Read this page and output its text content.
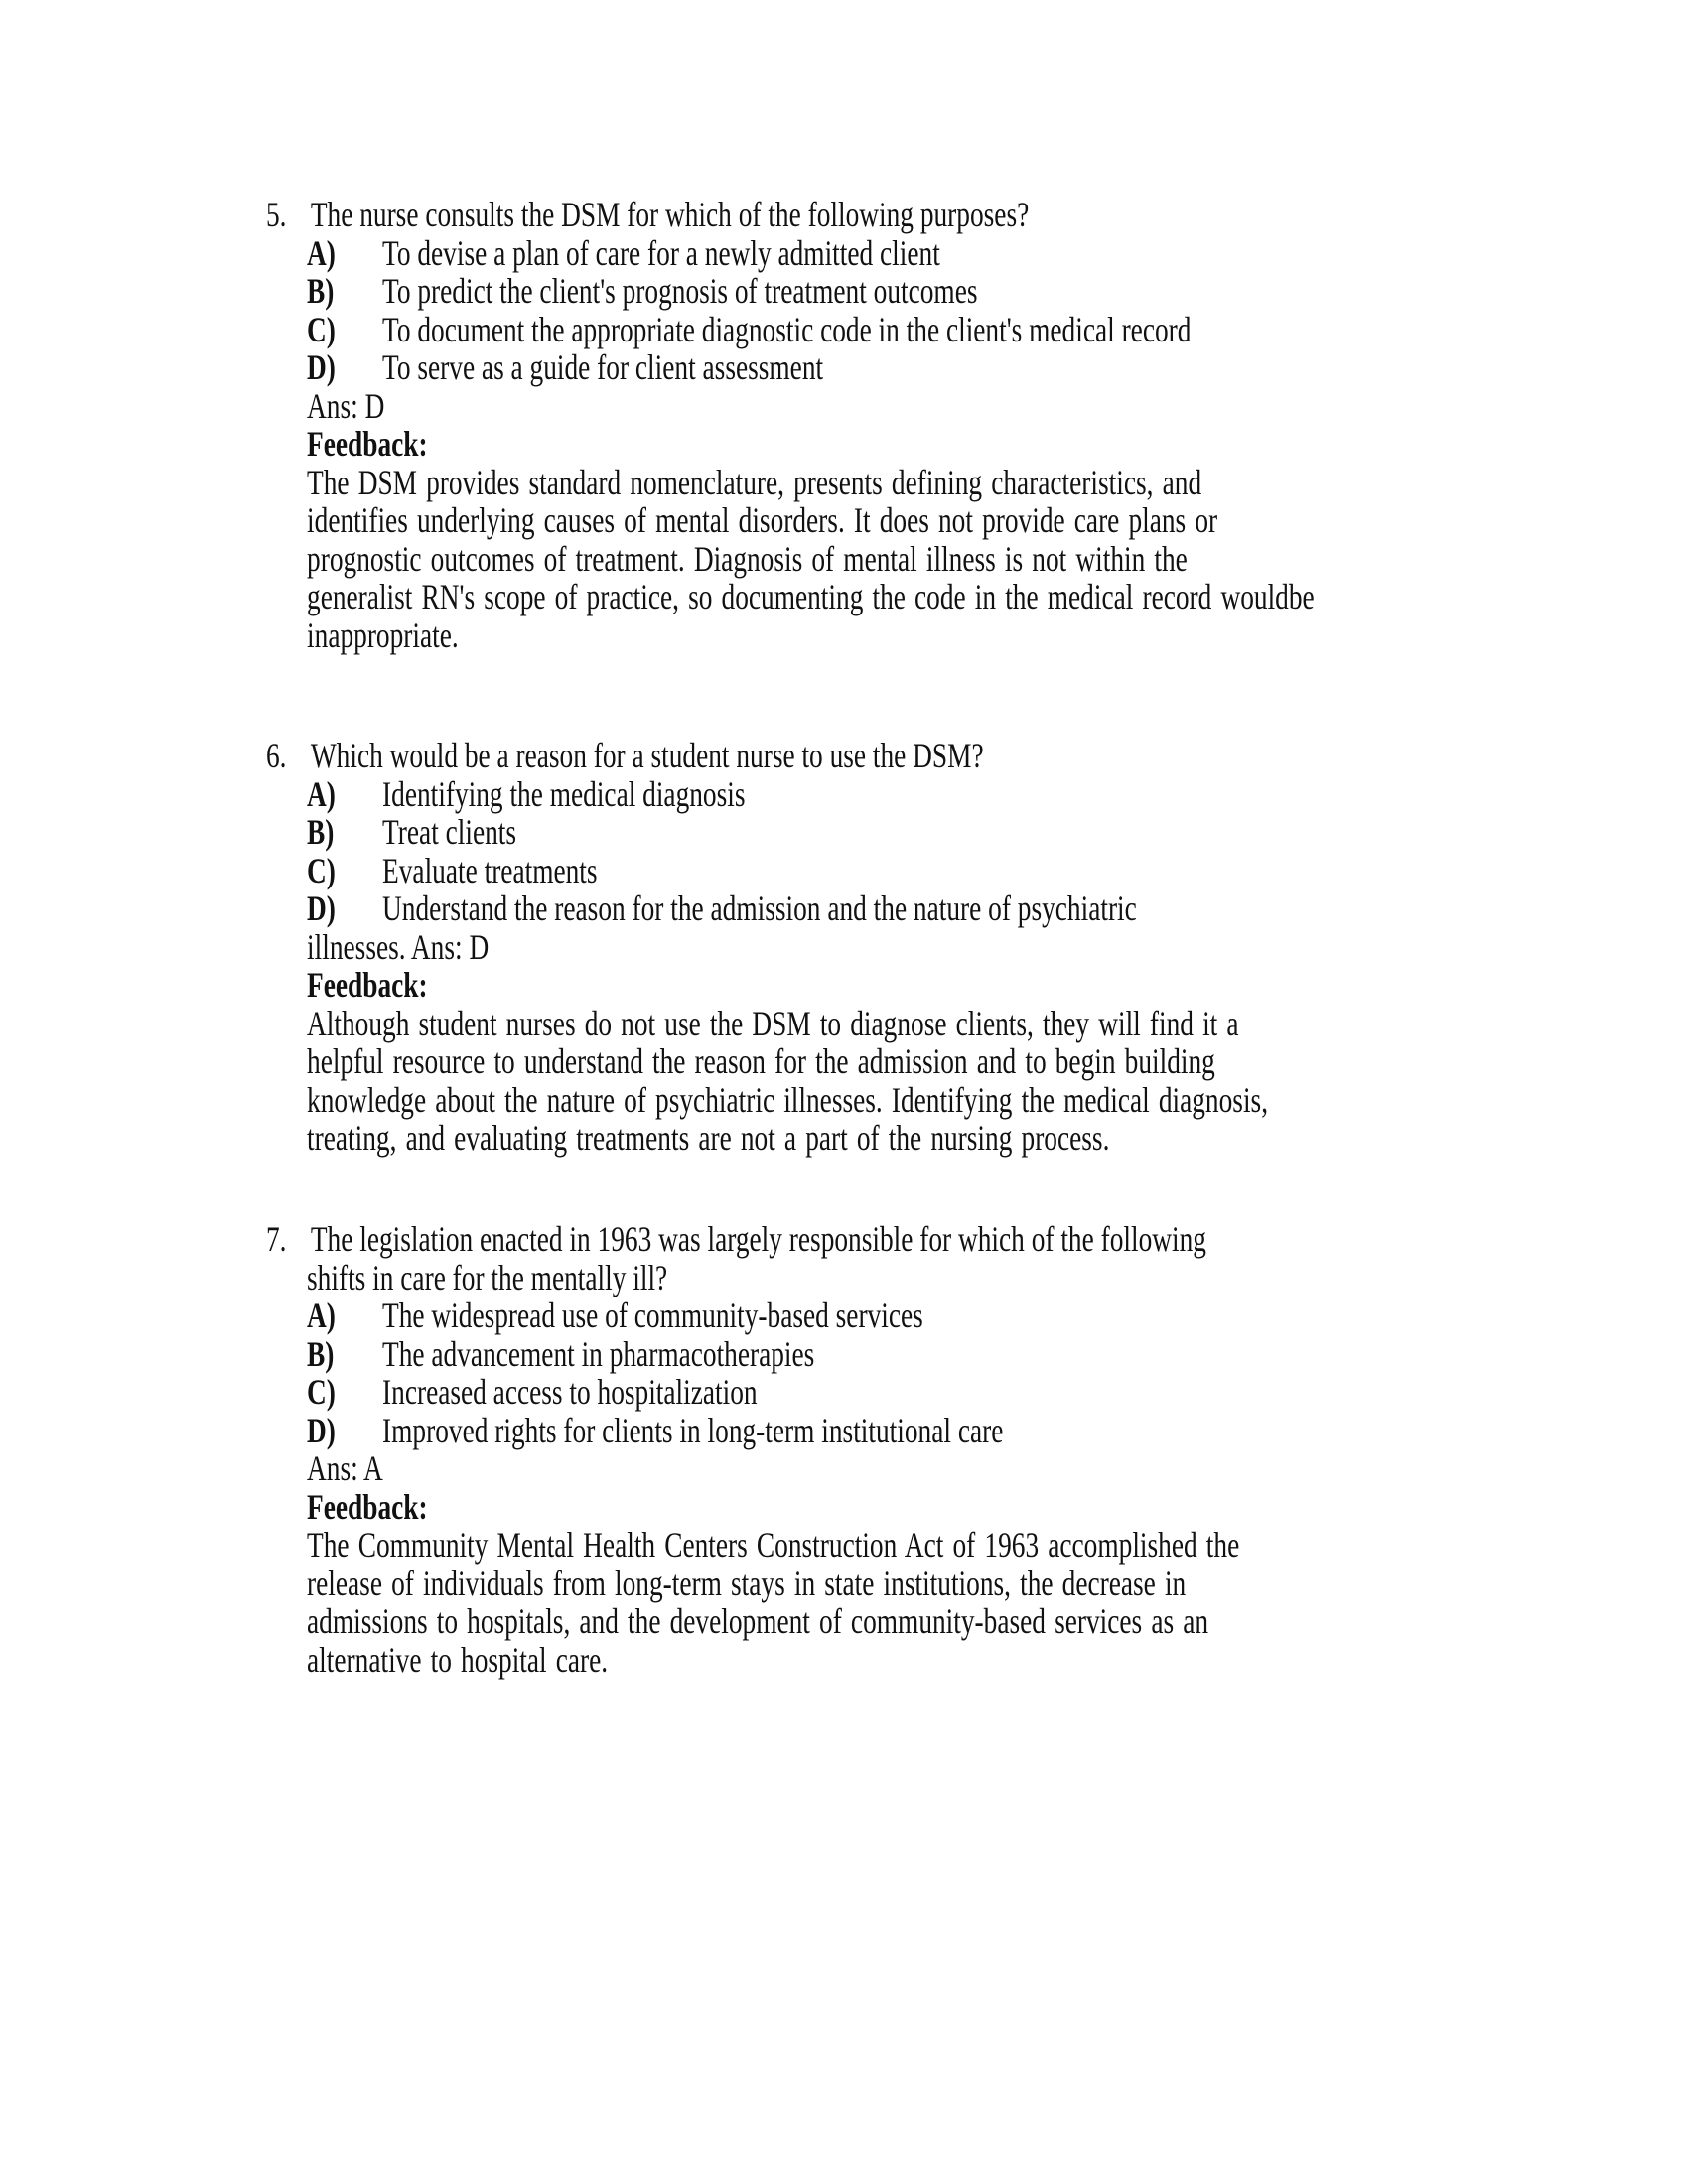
5. The nurse consults the DSM for which of the following purposes?
A) To devise a plan of care for a newly admitted client
B) To predict the client's prognosis of treatment outcomes
C) To document the appropriate diagnostic code in the client's medical record
D) To serve as a guide for client assessment
Ans: D
Feedback:
The DSM provides standard nomenclature, presents defining characteristics, and
identifies underlying causes of mental disorders. It does not provide care plans or
prognostic outcomes of treatment. Diagnosis of mental illness is not within the
generalist RN's scope of practice, so documenting the code in the medical record wouldbe
inappropriate.
6. Which would be a reason for a student nurse to use the DSM?
A) Identifying the medical diagnosis
B) Treat clients
C) Evaluate treatments
D) Understand the reason for the admission and the nature of psychiatric
illnesses. Ans: D
Feedback:
Although student nurses do not use the DSM to diagnose clients, they will find it a
helpful resource to understand the reason for the admission and to begin building
knowledge about the nature of psychiatric illnesses. Identifying the medical diagnosis,
treating, and evaluating treatments are not a part of the nursing process.
7. The legislation enacted in 1963 was largely responsible for which of the following
shifts in care for the mentally ill?
A) The widespread use of community-based services
B) The advancement in pharmacotherapies
C) Increased access to hospitalization
D) Improved rights for clients in long-term institutional care
Ans: A
Feedback:
The Community Mental Health Centers Construction Act of 1963 accomplished the
release of individuals from long-term stays in state institutions, the decrease in
admissions to hospitals, and the development of community-based services as an
alternative to hospital care.
